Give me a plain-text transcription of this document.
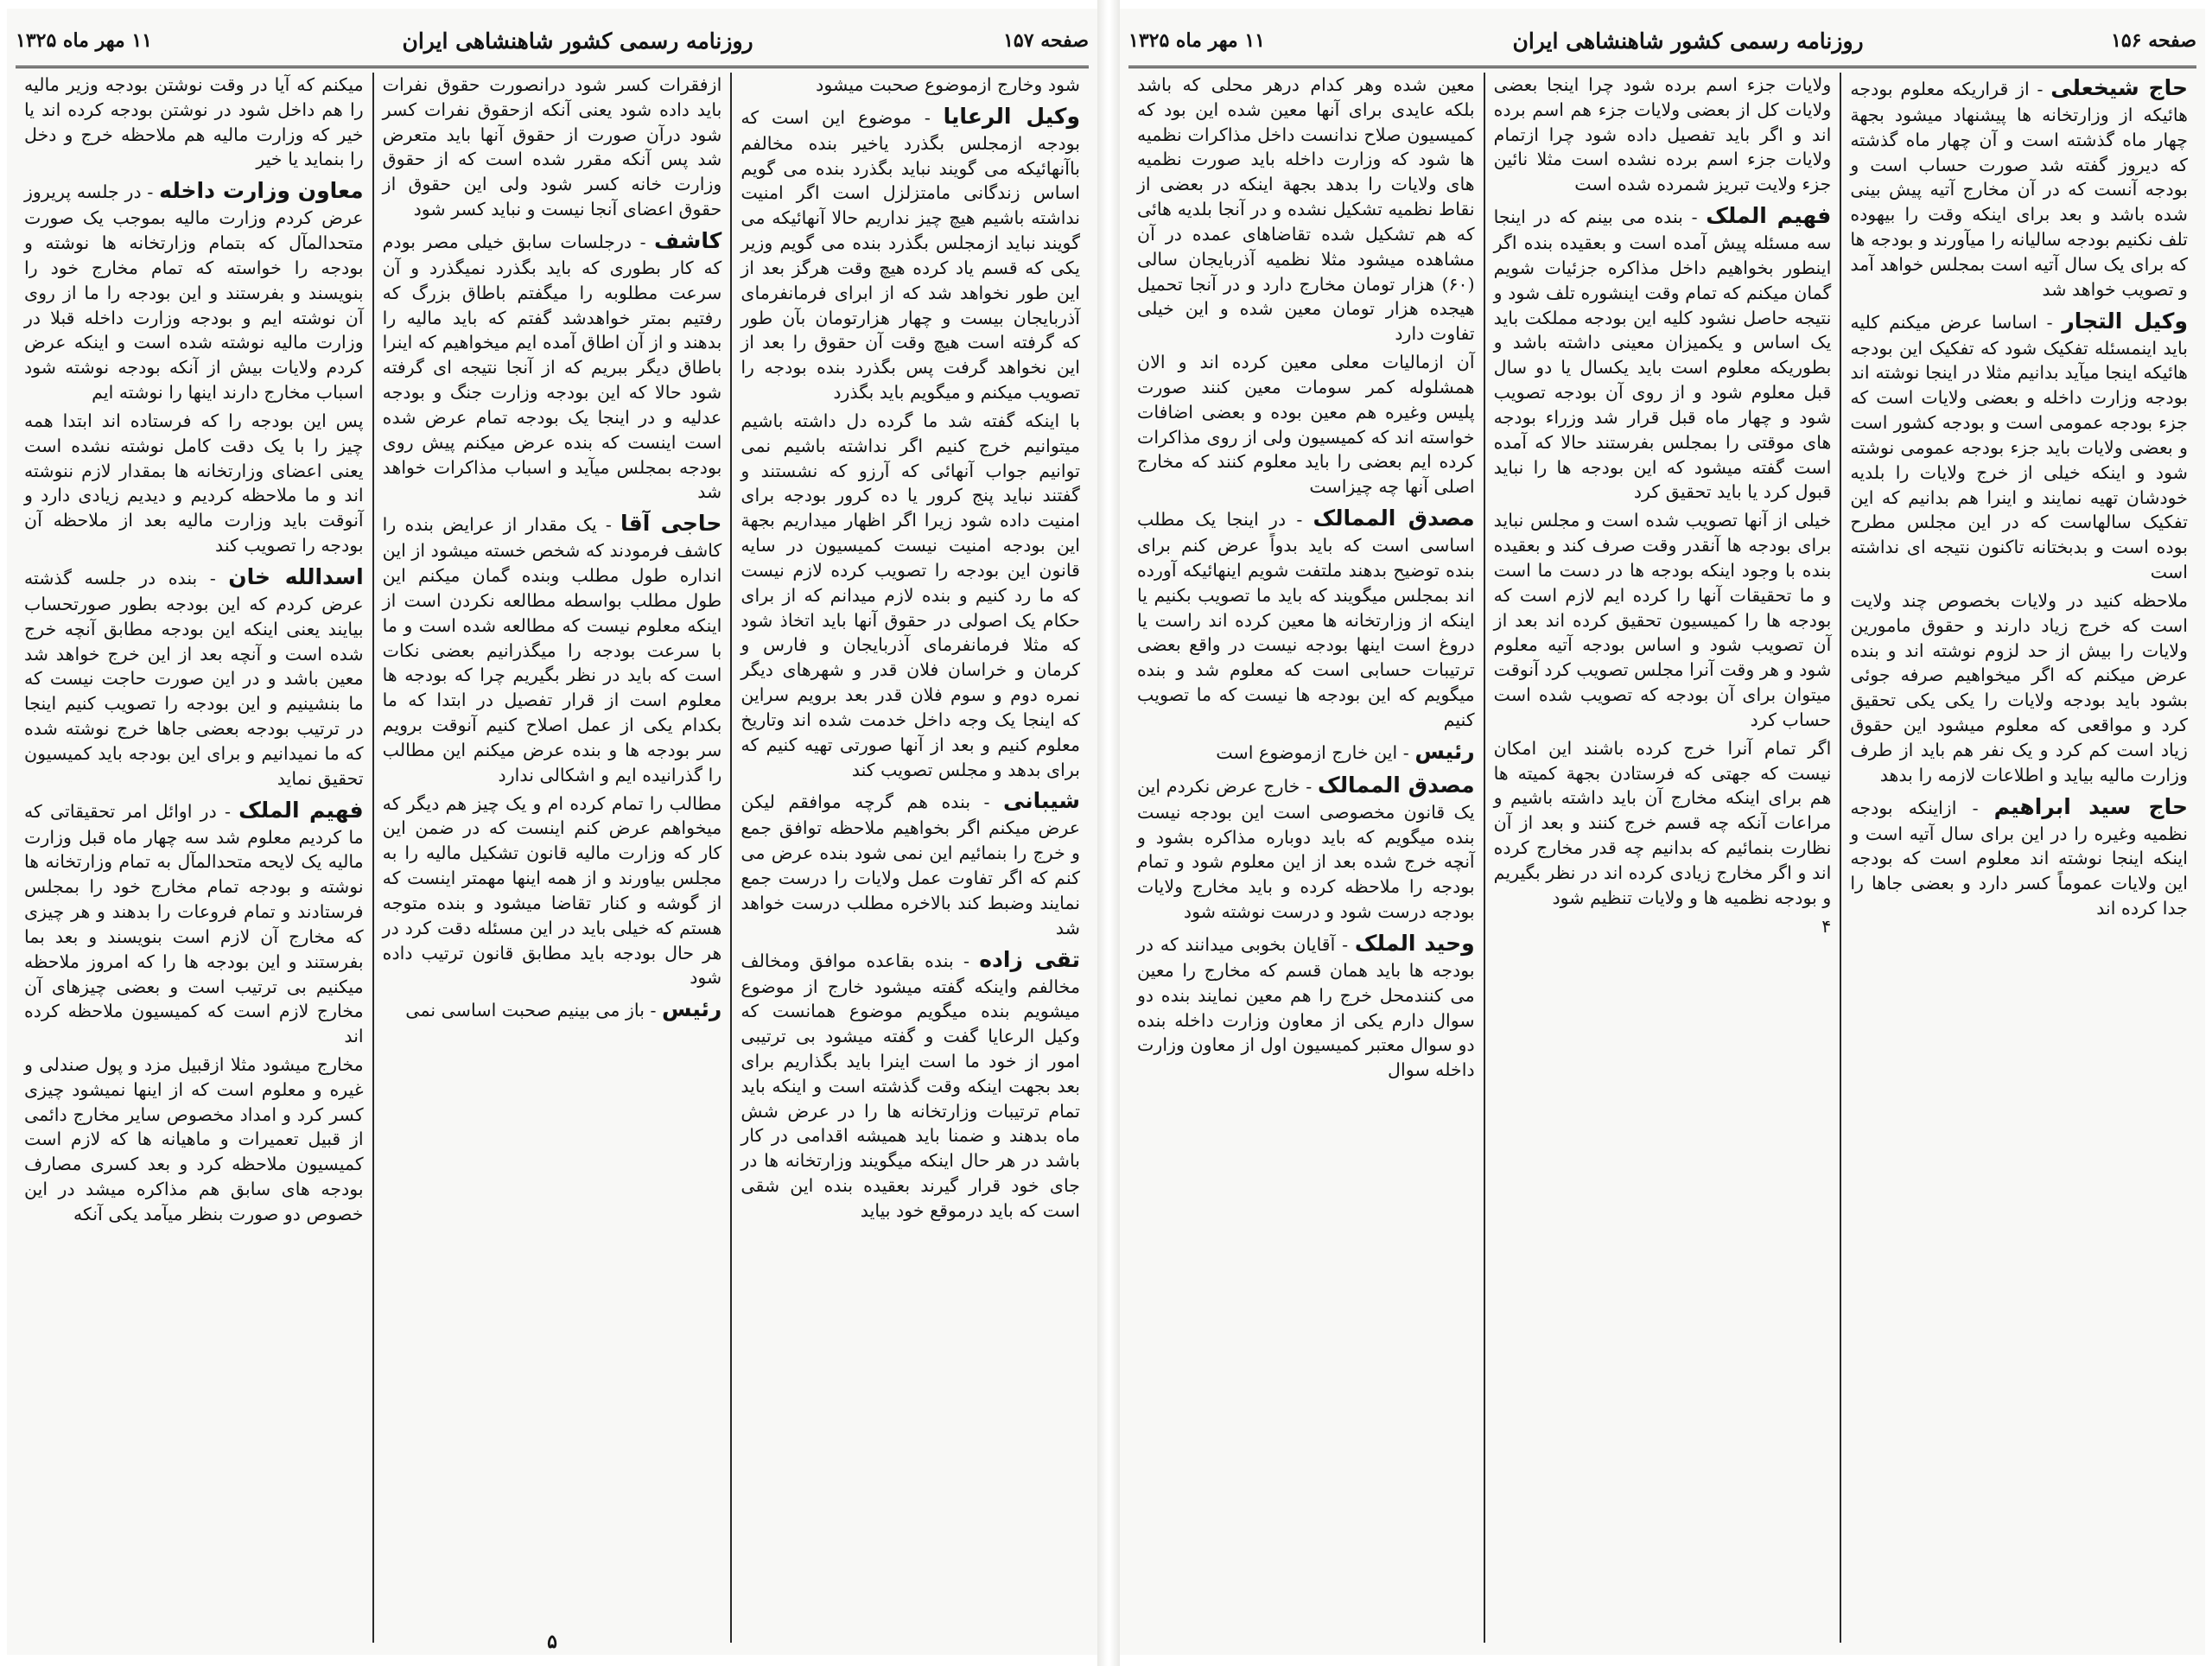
صفحه ۱۵۷
روزنامه رسمی کشور شاهنشاهی ایران
۱۱ مهر ماه ۱۳۲۵

شود وخارج ازموضوع صحبت میشود

وکیل الرعایا - موضوع این است که بودجه ازمجلس بگذرد یاخیر بنده مخالفم باآنهائیکه می گویند نباید بگذرد بنده می گویم اساس زندگانی مامتزلزل است اگر امنیت نداشته باشیم هیچ چیز نداریم حالا آنهائیکه می گویند نباید ازمجلس بگذرد بنده می گویم وزیر یکی که قسم یاد کرده هیچ وقت هرگز بعد از این طور نخواهد شد که از ابرای فرمانفرمای آذربایجان بیست و چهار هزارتومان بآن طور که گرفته است هیچ وقت آن حقوق را بعد از این نخواهد گرفت پس بگذرد بنده بودجه را تصویب میکنم و میگویم باید بگذرد

با اینکه گفته شد ما گرده دل داشته باشیم میتوانیم خرج کنیم اگر نداشته باشیم نمی توانیم جواب آنهائی که آرزو که نشستند و گفتند نباید پنج کرور یا ده کرور بودجه برای امنیت داده شود زیرا اگر اظهار میداریم بجهة این بودجه امنیت نیست کمیسیون در سایه قانون این بودجه را تصویب کرده لازم نیست که ما رد کنیم و بنده لازم میدانم که از برای حکام یک اصولی در حقوق آنها باید اتخاذ شود که مثلا فرمانفرمای آذربایجان و فارس و کرمان و خراسان فلان قدر و شهرهای دیگر نمره دوم و سوم فلان قدر بعد برویم سراین که اینجا یک وجه داخل خدمت شده اند وتاریخ معلوم کنیم و بعد از آنها صورتی تهیه کنیم که برای بدهد و مجلس تصویب کند

شیبانی - بنده هم گرچه موافقم لیکن عرض میکنم اگر بخواهیم ملاحظه توافق جمع و خرج را بنمائیم این نمی شود بنده عرض می کنم که اگر تفاوت عمل ولایات را درست جمع نمایند وضبط کند بالاخره مطلب درست خواهد شد

تقی زاده - بنده بقاعده موافق ومخالف مخالفم واینکه گفته میشود خارج از موضوع میشویم بنده میگویم موضوع همانست که وکیل الرعایا گفت و گفته میشود بی ترتیبی امور از خود ما است اینرا باید بگذاریم برای بعد بجهت اینکه وقت گذشته است و اینکه باید تمام ترتیبات وزارتخانه ها را در عرض شش ماه بدهند و ضمنا باید همیشه اقدامی در کار باشد در هر حال اینکه میگویند وزارتخانه ها در جای خود قرار گیرند بعقیده بنده این شقی است که باید درموقع خود بیاید

ازفقرات کسر شود درانصورت حقوق نفرات باید داده شود یعنی آنکه ازحقوق نفرات کسر شود درآن صورت از حقوق آنها باید متعرض شد پس آنکه مقرر شده است که از حقوق وزارت خانه کسر شود ولی این حقوق از حقوق اعضای آنجا نیست و نباید کسر شود

کاشف - درجلسات سابق خیلی مصر بودم که کار بطوری که باید بگذرد نمیگذرد و آن سرعت مطلوبه را میگفتم باطاق بزرگ که رفتیم بمتر خواهدشد گفتم که باید مالیه را بدهند و از آن اطاق آمده ایم میخواهیم که اینرا باطاق دیگر ببریم که از آنجا نتیجه ای گرفته شود حالا که این بودجه وزارت جنگ و بودجه عدلیه و در اینجا یک بودجه تمام عرض شده است اینست که بنده عرض میکنم پیش روی بودجه بمجلس میآید و اسباب مذاکرات خواهد شد

حاجی آقا - یک مقدار از عرایض بنده را کاشف فرمودند که شخص خسته میشود از این انداره طول مطلب وبنده گمان میکنم این طول مطلب بواسطه مطالعه نکردن است از اینکه معلوم نیست که مطالعه شده است و ما با سرعت بودجه را میگذرانیم بعضی نکات است که باید در نظر بگیریم چرا که بودجه ها معلوم است از قرار تفصیل در ابتدا که ما بکدام یکی از عمل اصلاح کنیم آنوقت برویم سر بودجه ها و بنده عرض میکنم این مطالب را گذرانیده ایم و اشکالی ندارد

مطالب را تمام کرده ام و یک چیز هم دیگر که میخواهم عرض کنم اینست که در ضمن این کار که وزارت مالیه قانون تشکیل مالیه را به مجلس بیاورند و از همه اینها مهمتر اینست که از گوشه و کنار تقاضا میشود و بنده متوجه هستم که خیلی باید در این مسئله دقت کرد در هر حال بودجه باید مطابق قانون ترتیب داده شود

رئیس - باز می بینیم صحبت اساسی نمی

میکنم که آیا در وقت نوشتن بودجه وزیر مالیه را هم داخل شود در نوشتن بودجه کرده اند یا خیر که وزارت مالیه هم ملاحظه خرج و دخل را بنماید یا خیر

معاون وزارت داخله - در جلسه پریروز عرض کردم وزارت مالیه بموجب یک صورت متحدالمآل که بتمام وزارتخانه ها نوشته و بودجه را خواسته که تمام مخارج خود را بنویسند و بفرستند و این بودجه را ما از روی آن نوشته ایم و بودجه وزارت داخله قبلا در وزارت مالیه نوشته شده است و اینکه عرض کردم ولایات بیش از آنکه بودجه نوشته شود اسباب مخارج دارند اینها را نوشته ایم

پس این بودجه را که فرستاده اند ابتدا همه چیز را با یک دقت کامل نوشته نشده است یعنی اعضای وزارتخانه ها بمقدار لازم ننوشته اند و ما ملاحظه کردیم و دیدیم زیادی دارد و آنوقت باید وزارت مالیه بعد از ملاحظه آن بودجه را تصویب کند

اسدالله خان - بنده در جلسه گذشته عرض کردم که این بودجه بطور صورتحساب بیایند یعنی اینکه این بودجه مطابق آنچه خرج شده است و آنچه بعد از این خرج خواهد شد معین باشد و در این صورت حاجت نیست که ما بنشینیم و این بودجه را تصویب کنیم اینجا در ترتیب بودجه بعضی جاها خرج نوشته شده که ما نمیدانیم و برای این بودجه باید کمیسیون تحقیق نماید

فهیم الملک - در اوائل امر تحقیقاتی که ما کردیم معلوم شد سه چهار ماه قبل وزارت مالیه یک لایحه متحدالمآل به تمام وزارتخانه ها نوشته و بودجه تمام مخارج خود را بمجلس فرستادند و تمام فروعات را بدهند و هر چیزی که مخارج آن لازم است بنویسند و بعد بما بفرستند و این بودجه ها را که امروز ملاحظه میکنیم بی ترتیب است و بعضی چیزهای آن مخارج لازم است که کمیسیون ملاحظه کرده اند

مخارج میشود مثلا ازقبیل مزد و پول صندلی و غیره و معلوم است که از اینها نمیشود چیزی کسر کرد و امداد مخصوص سایر مخارج دائمی از قبیل تعمیرات و ماهیانه ها که لازم است کمیسیون ملاحظه کرد و بعد کسری مصارف بودجه های سابق هم مذاکره میشد در این خصوص دو صورت بنظر میآمد یکی آنکه

۵
صفحه ۱۵۶
روزنامه رسمی کشور شاهنشاهی ایران
۱۱ مهر ماه ۱۳۲۵

حاج شیخعلی - از قراریکه معلوم بودجه هائیکه از وزارتخانه ها پیشنهاد میشود بجهة چهار ماه گذشته است و آن چهار ماه گذشته که دیروز گفته شد صورت حساب است و بودجه آنست که در آن مخارج آتیه پیش بینی شده باشد و بعد برای اینکه وقت را بیهوده تلف نکنیم بودجه سالیانه را میآورند و بودجه ها که برای یک سال آتیه است بمجلس خواهد آمد و تصویب خواهد شد

وکیل التجار - اساسا عرض میکنم کلیه باید اینمسئله تفکیک شود که تفکیک این بودجه هائیکه اینجا میآید بدانیم مثلا در اینجا نوشته اند بودجه وزارت داخله و بعضی ولایات است که جزء بودجه عمومی است و بودجه کشور است و بعضی ولایات باید جزء بودجه عمومی نوشته شود و اینکه خیلی از خرج ولایات را بلدیه خودشان تهیه نمایند و اینرا هم بدانیم که این تفکیک سالهاست که در این مجلس مطرح بوده است و بدبختانه تاکنون نتیجه ای نداشته است

ملاحظه کنید در ولایات بخصوص چند ولایت است که خرج زیاد دارند و حقوق مامورین ولایات را بیش از حد لزوم نوشته اند و بنده عرض میکنم که اگر میخواهیم صرفه جوئی بشود باید بودجه ولایات را یکی یکی تحقیق کرد و مواقعی که معلوم میشود این حقوق زیاد است کم کرد و یک نفر هم باید از طرف وزارت مالیه بیاید و اطلاعات لازمه را بدهد

حاج سید ابراهیم - ازاینکه بودجه نظمیه وغیره را در این برای سال آتیه است و اینکه اینجا نوشته اند معلوم است که بودجه این ولایات عموماً کسر دارد و بعضی جاها را جدا کرده اند

ولایات جزء اسم برده شود چرا اینجا بعضی ولایات کل از بعضی ولایات جزء هم اسم برده اند و اگر باید تفصیل داده شود چرا ازتمام ولایات جزء اسم برده نشده است مثلا نائین جزء ولایت تبریز شمرده شده است

فهیم الملک - بنده می بینم که در اینجا سه مسئله پیش آمده است و بعقیده بنده اگر اینطور بخواهیم داخل مذاکره جزئیات شویم گمان میکنم که تمام وقت اینشوره تلف شود و نتیجه حاصل نشود کلیه این بودجه مملکت باید یک اساس و یکمیزان معینی داشته باشد و بطوریکه معلوم است باید یکسال یا دو سال قبل معلوم شود و از روی آن بودجه تصویب شود و چهار ماه قبل قرار شد وزراء بودجه های موقتی را بمجلس بفرستند حالا که آمده است گفته میشود که این بودجه ها را نباید قبول کرد یا باید تحقیق کرد

خیلی از آنها تصویب شده است و مجلس نباید برای بودجه ها آنقدر وقت صرف کند و بعقیده بنده با وجود اینکه بودجه ها در دست ما است و ما تحقیقات آنها را کرده ایم لازم است که بودجه ها را کمیسیون تحقیق کرده اند بعد از آن تصویب شود و اساس بودجه آتیه معلوم شود و هر وقت آنرا مجلس تصویب کرد آنوقت میتوان برای آن بودجه که تصویب شده است حساب کرد

اگر تمام آنرا خرج کرده باشند این امکان نیست که جهتی که فرستادن بجهة کمیته ها هم برای اینکه مخارج آن باید داشته باشیم و مراعات آنکه چه قسم خرج کنند و بعد از آن نظارت بنمائیم که بدانیم چه قدر مخارج کرده اند و اگر مخارج زیادی کرده اند در نظر بگیریم و بودجه نظمیه ها و ولایات تنظیم شود

۴

معین شده وهر کدام درهر محلی که باشد بلکه عایدی برای آنها معین شده این بود که کمیسیون صلاح ندانست داخل مذاکرات نظمیه ها شود که وزارت داخله باید صورت نظمیه های ولایات را بدهد بجهة اینکه در بعضی از نقاط نظمیه تشکیل نشده و در آنجا بلدیه هائی که هم تشکیل شده تقاضاهای عمده در آن مشاهده میشود مثلا نظمیه آذربایجان سالی (۶۰) هزار تومان مخارج دارد و در آنجا تحمیل هیجده هزار تومان معین شده و این خیلی تفاوت دارد

آن ازمالیات معلی معین کرده اند و الان همشلوله کمر سومات معین کنند صورت پلیس وغیره هم معین بوده و بعضی اضافات خواسته اند که کمیسیون ولی از روی مذاکرات کرده ایم بعضی را باید معلوم کنند که مخارج اصلی آنها چه چیزاست

مصدق الممالک - در اینجا یک مطلب اساسی است که باید بدواً عرض کنم برای بنده توضیح بدهند ملتفت شویم اینهائیکه آورده اند بمجلس میگویند که باید ما تصویب بکنیم یا اینکه از وزارتخانه ها معین کرده اند راست یا دروغ است اینها بودجه نیست در واقع بعضی ترتیبات حسابی است که معلوم شد و بنده میگویم که این بودجه ها نیست که ما تصویب کنیم

رئیس - این خارج ازموضوع است

مصدق الممالک - خارج عرض نکردم این یک قانون مخصوصی است این بودجه نیست بنده میگویم که باید دوباره مذاکره بشود و آنچه خرج شده بعد از این معلوم شود و تمام بودجه را ملاحظه کرده و باید مخارج ولایات بودجه درست شود و درست نوشته شود

وحید الملک - آقایان بخوبی میدانند که در بودجه ها باید همان قسم که مخارج را معین می کنندمحل خرج را هم معین نمایند بنده دو سوال دارم یکی از معاون وزارت داخله بنده دو سوال معتبر کمیسیون اول از معاون وزارت داخله سوال
